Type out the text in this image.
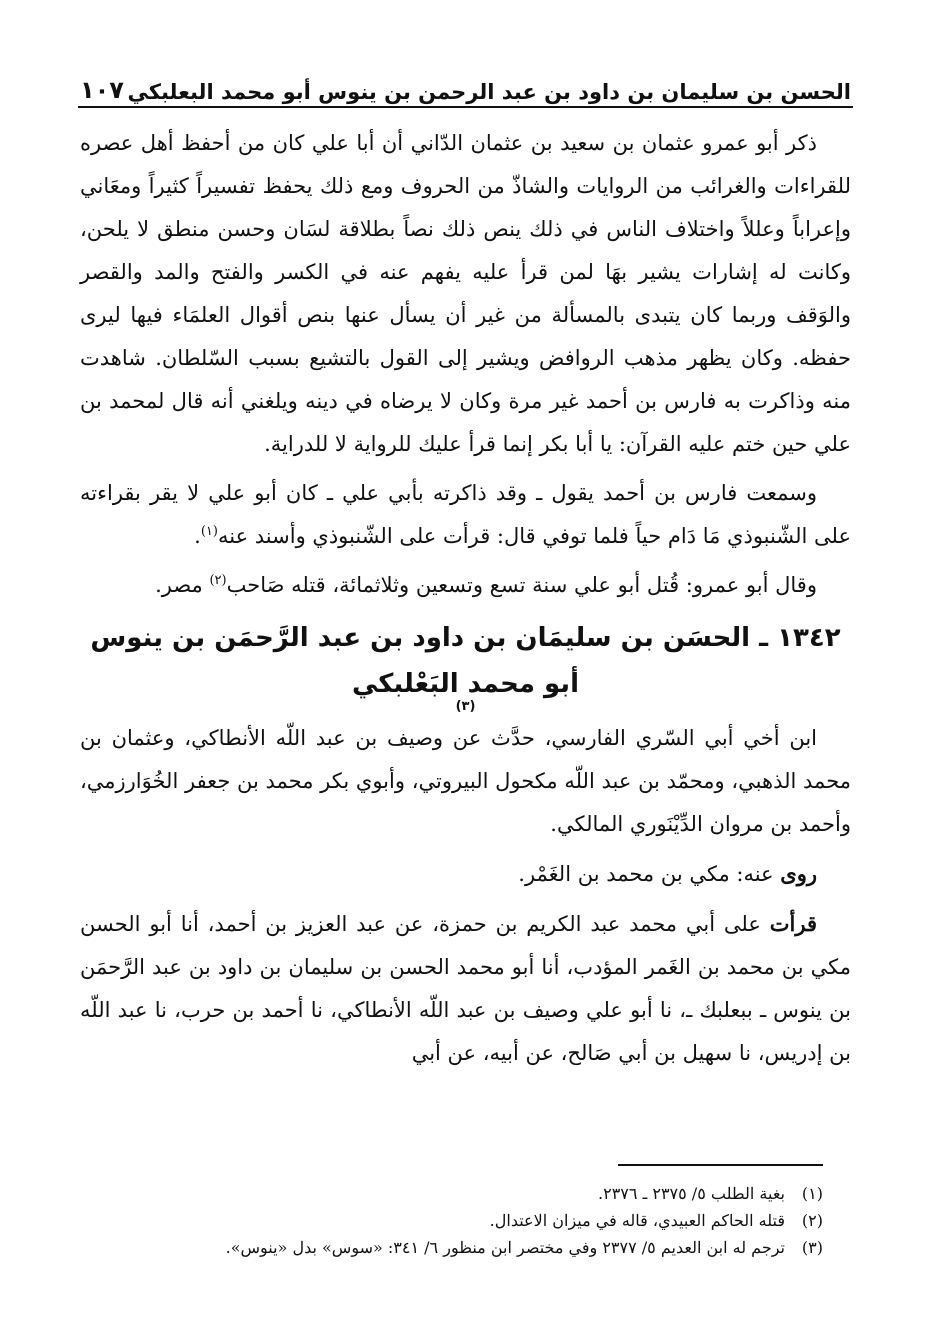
الحسن بن سليمان بن داود بن عبد الرحمن بن ينوس أبو محمد البعلبكي
١٠٧

ذكر أبو عمرو عثمان بن سعيد بن عثمان الدّاني أن أبا علي كان من أحفظ أهل عصره للقراءات والغرائب من الروايات والشاذّ من الحروف ومع ذلك يحفظ تفسيراً كثيراً ومعَاني وإعراباً وعللاً واختلاف الناس في ذلك ينص ذلك نصاً بطلاقة لسَان وحسن منطق لا يلحن، وكانت له إشارات يشير بهَا لمن قرأ عليه يفهم عنه في الكسر والفتح والمد والقصر والوَقف وربما كان يتبدى بالمسألة من غير أن يسأل عنها بنص أقوال العلمَاء فيها ليرى حفظه. وكان يظهر مذهب الروافض ويشير إلى القول بالتشيع بسبب السّلطان. شاهدت منه وذاكرت به فارس بن أحمد غير مرة وكان لا يرضاه في دينه ويلغني أنه قال لمحمد بن علي حين ختم عليه القرآن: يا أبا بكر إنما قرأ عليك للرواية لا للدراية.

وسمعت فارس بن أحمد يقول ـ وقد ذاكرته بأبي علي ـ كان أبو علي لا يقر بقراءته على الشّنبوذي مَا دَام حياً فلما توفي قال: قرأت على الشّنبوذي وأسند عنه$^{(١)}$.

وقال أبو عمرو: قُتل أبو علي سنة تسع وتسعين وثلاثمائة، قتله صَاحب$^{(٢)}$ مصر.

١٣٤٢ ـ الحسَن بن سليمَان بن داود بن عبد الرَّحمَن بن ينوس
أبو محمد البَعْلبكي
(٣)

ابن أخي أبي السّري الفارسي، حدَّث عن وصيف بن عبد اللّه الأنطاكي، وعثمان بن محمد الذهبي، ومحمّد بن عبد اللّه مكحول البيروتي، وأبوي بكر محمد بن جعفر الخُوَارزمي، وأحمد بن مروان الدِّيْنَوري المالكي.

روى عنه: مكي بن محمد بن الغَمْر.

قرأت على أبي محمد عبد الكريم بن حمزة، عن عبد العزيز بن أحمد، أنا أبو الحسن مكي بن محمد بن الغَمر المؤدب، أنا أبو محمد الحسن بن سليمان بن داود بن عبد الرَّحمَن بن ينوس ـ ببعلبك ـ، نا أبو علي وصيف بن عبد اللّه الأنطاكي، نا أحمد بن حرب، نا عبد اللّه بن إدريس، نا سهيل بن أبي صَالح، عن أبيه، عن أبي

(١)
بغية الطلب ٥/ ٢٣٧٥ ـ ٢٣٧٦.
(٢)
قتله الحاكم العبيدي، قاله في ميزان الاعتدال.
(٣)
ترجم له ابن العديم ٥/ ٢٣٧٧ وفي مختصر ابن منظور ٦/ ٣٤١: «سوس» بدل «ينوس».
